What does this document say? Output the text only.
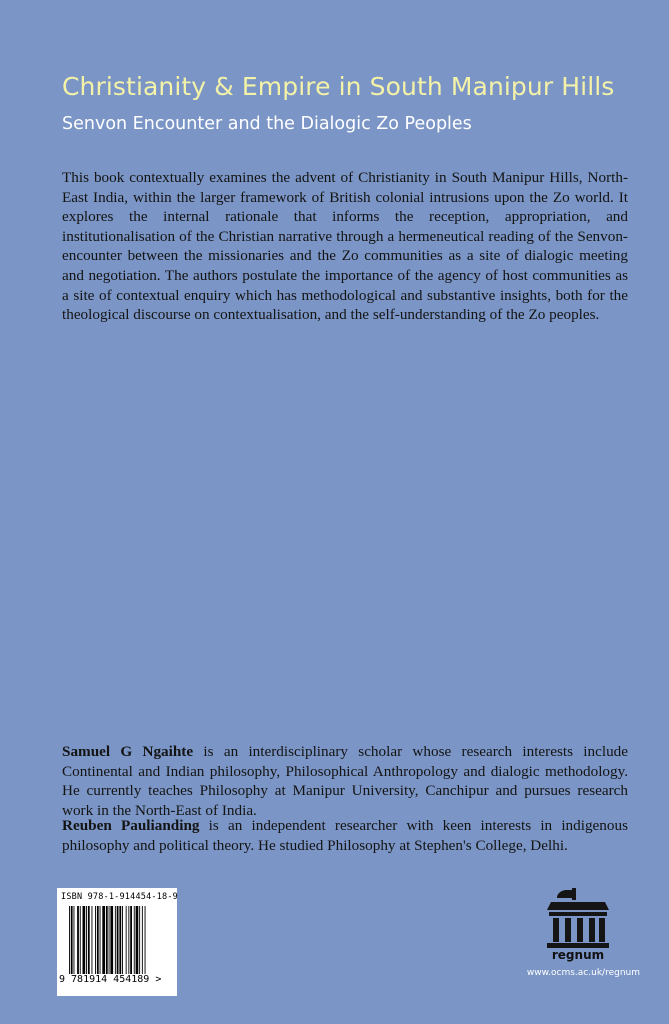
Christianity & Empire in South Manipur Hills
Senvon Encounter and the Dialogic Zo Peoples

This book contextually examines the advent of Christianity in South Manipur Hills, North-East India, within the larger framework of British colonial intrusions upon the Zo world. It explores the internal rationale that informs the reception, appropriation, and institutionalisation of the Christian narrative through a hermeneutical reading of the Senvon-encounter between the missionaries and the Zo communities as a site of dialogic meeting and negotiation. The authors postulate the importance of the agency of host communities as a site of contextual enquiry which has methodological and substantive insights, both for the theological discourse on contextualisation, and the self-understanding of the Zo peoples.

Samuel G Ngaihte is an interdisciplinary scholar whose research interests include Continental and Indian philosophy, Philosophical Anthropology and dialogic methodology. He currently teaches Philosophy at Manipur University, Canchipur and pursues research work in the North-East of India.

Reuben Paulianding is an independent researcher with keen interests in indigenous philosophy and political theory. He studied Philosophy at Stephen's College, Delhi.

ISBN 978-1-914454-18-9
9 781914 454189 >
regnum
www.ocms.ac.uk/regnum
